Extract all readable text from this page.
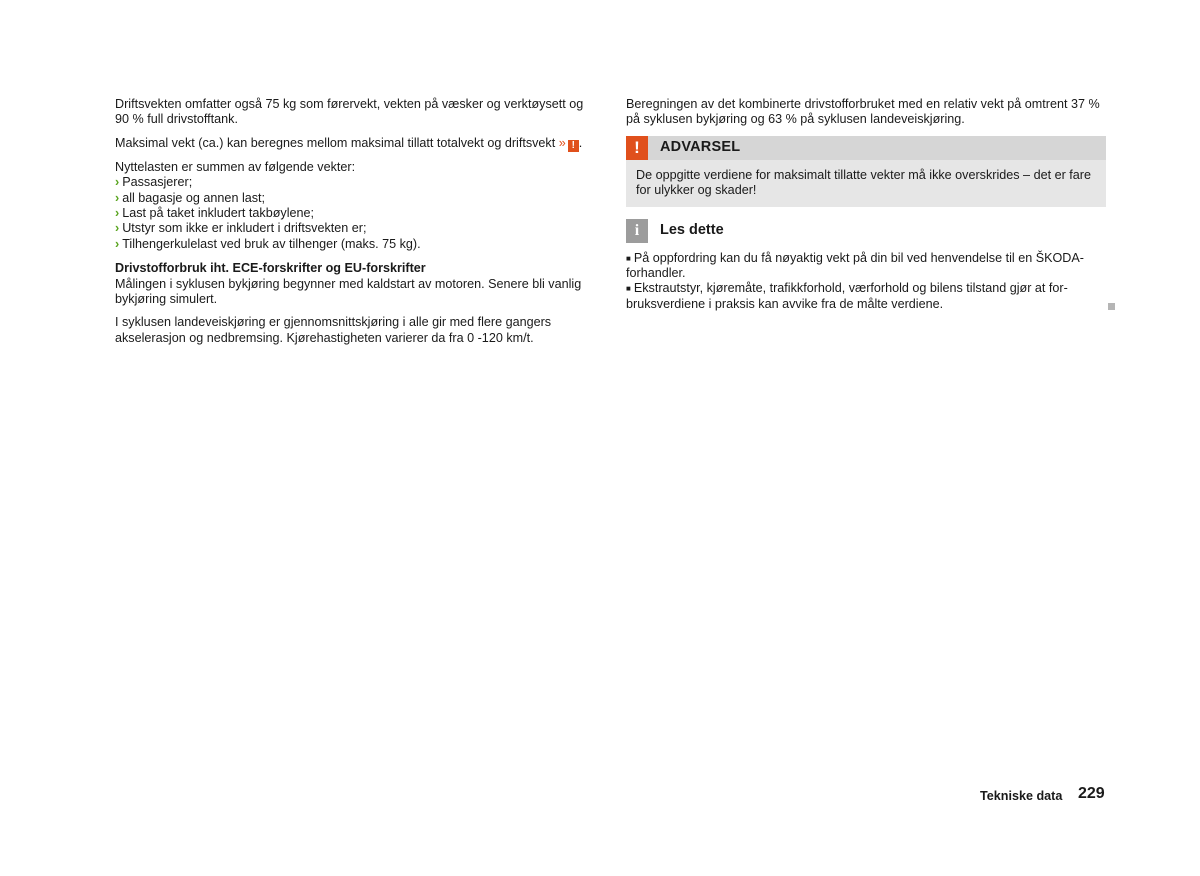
Driftsvekten omfatter også 75 kg som førervekt, vekten på væsker og verktøysett og 90 % full drivstofftank.

Maksimal vekt (ca.) kan beregnes mellom maksimal tillatt totalvekt og driftsvekt » ! .

Nyttelasten er summen av følgende vekter:
› Passasjerer;
› all bagasje og annen last;
› Last på taket inkludert takbøylene;
› Utstyr som ikke er inkludert i driftsvekten er;
› Tilhengerkulelast ved bruk av tilhenger (maks. 75 kg).
Drivstofforbruk iht. ECE-forskrifter og EU-forskrifter

Målingen i syklusen bykjøring begynner med kaldstart av motoren. Senere bli vanlig bykjøring simulert.

I syklusen landeveiskjøring er gjennomsnittskjøring i alle gir med flere gangers akselerasjon og nedbremsing. Kjørehastigheten varierer da fra 0 -120 km/t.

Beregningen av det kombinerte drivstofforbruket med en relativ vekt på omtrent 37 % på syklusen bykjøring og 63 % på syklusen landeveiskjøring.

!	ADVARSEL
De oppgitte verdiene for maksimalt tillatte vekter må ikke overskrides – det er fare for ulykker og skader!
i	Les dette

■ På oppfordring kan du få nøyaktig vekt på din bil ved henvendelse til en ŠKODA-forhandler.

■ Ekstrautstyr, kjøremåte, trafikkforhold, værforhold og bilens tilstand gjør at forbruksverdiene i praksis kan avvike fra de målte verdiene.

Tekniske data 229
